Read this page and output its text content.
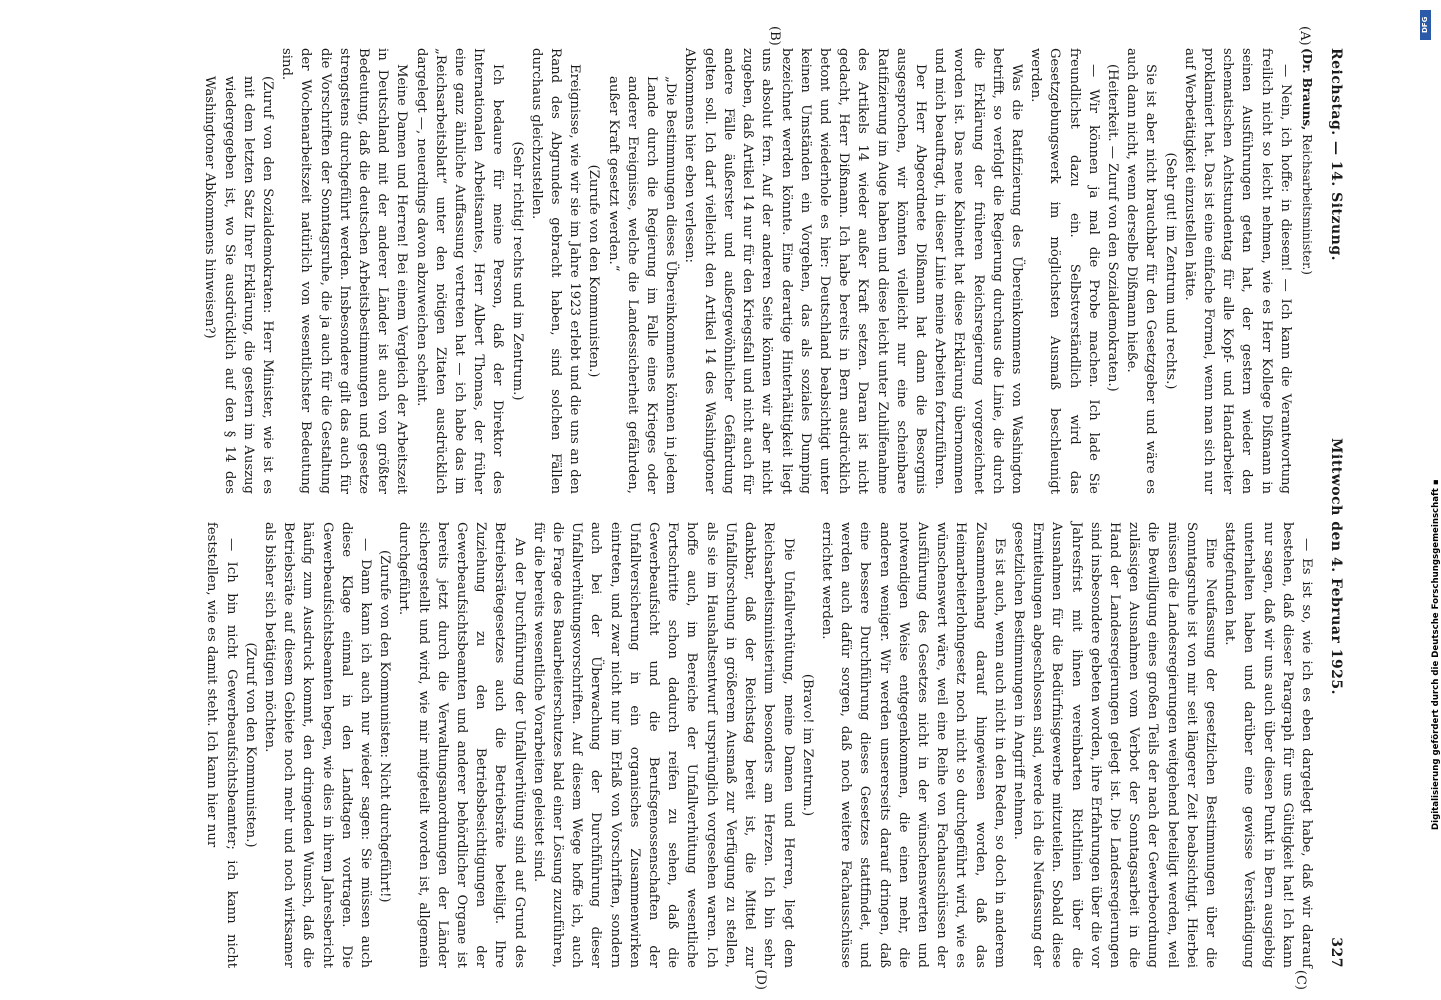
Reichstag. — 14. Sitzung.
Mittwoch den 4. Februar 1925.
327
(Dr. Brauns, Reichsarbeitsminister.)

— Nein, ich hoffe: in diesem! — Ich kann die Verantwortung freilich nicht so leicht nehmen, wie es Herr Kollege Dißmann in seinen Ausführungen getan hat, der gestern wieder den schematischen Achtstundentag für alle Kopf- und Handarbeiter proklamiert hat. Das ist eine einfache Formel, wenn man sich nur auf Werbetätigkeit einzustellen hätte.

(Sehr gut! im Zentrum und rechts.)

Sie ist aber nicht brauchbar für den Gesetzgeber und wäre es auch dann nicht, wenn derselbe Dißmann hieße.

(Heiterkeit. — Zuruf von den Sozialdemokraten.)

— Wir können ja mal die Probe machen. Ich lade Sie freundlichst dazu ein. Selbstverständlich wird das Gesetzgebungswerk im möglichsten Ausmaß beschleunigt werden.

Was die Ratifizierung des Übereinkommens von Washington betrifft, so verfolgt die Regierung durchaus die Linie, die durch die Erklärung der früheren Reichsregierung vorgezeichnet worden ist. Das neue Kabinett hat diese Erklärung übernommen und mich beauftragt, in dieser Linie meine Arbeiten fortzuführen.

Der Herr Abgeordnete Dißmann hat dann die Besorgnis ausgesprochen, wir könnten vielleicht nur eine scheinbare Ratifizierung im Auge haben und diese leicht unter Zuhilfenahme des Artikels 14 wieder außer Kraft setzen. Daran ist nicht gedacht, Herr Dißmann. Ich habe bereits in Bern ausdrücklich betont und wiederhole es hier: Deutschland beabsichtigt unter keinen Umständen ein Vorgehen, das als soziales Dumping bezeichnet werden könnte. Eine derartige Hinterhältigkeit liegt uns absolut fern. Auf der anderen Seite können wir aber nicht zugeben, daß Artikel 14 nur für den Kriegsfall und nicht auch für andere Fälle äußerster und außergewöhnlicher Gefährdung gelten soll. Ich darf vielleicht den Artikel 14 des Washingtoner Abkommens hier eben verlesen:

„Die Bestimmungen dieses Übereinkommens können in jedem Lande durch die Regierung im Falle eines Krieges oder anderer Ereignisse, welche die Landessicherheit gefährden, außer Kraft gesetzt werden.“

(Zurufe von den Kommunisten.)

Ereignisse, wie wir sie im Jahre 1923 erlebt und die uns an den Rand des Abgrundes gebracht haben, sind solchen Fällen durchaus gleichzustellen.

(Sehr richtig! rechts und im Zentrum.)

Ich bedaure für meine Person, daß der Direktor des Internationalen Arbeitsamtes, Herr Albert Thomas, der früher eine ganz ähnliche Auffassung vertreten hat — ich habe das im „Reichsarbeitsblatt“ unter den nötigen Zitaten ausdrücklich dargelegt —, neuerdings davon abzuweichen scheint.

Meine Damen und Herren! Bei einem Vergleich der Arbeitszeit in Deutschland mit der anderer Länder ist auch von größter Bedeutung, daß die deutschen Arbeitsbestimmungen und gesetze strengstens durchgeführt werden. Insbesondere gilt das auch für die Vorschriften der Sonntagsruhe, die ja auch für die Gestaltung der Wochenarbeitszeit natürlich von wesentlichster Bedeutung sind.

(Zuruf von den Sozialdemokraten: Herr Minister, wie ist es mit dem letzten Satz Ihrer Erklärung, die gestern im Auszug wiedergegeben ist, wo Sie ausdrücklich auf den § 14 des Washingtoner Abkommens hinweisen?)

— Es ist so, wie ich es eben dargelegt habe, daß wir darauf bestehen, daß dieser Paragraph für uns Gültigkeit hat! Ich kann nur sagen, daß wir uns auch über diesen Punkt in Bern ausgiebig unterhalten haben und darüber eine gewisse Verständigung stattgefunden hat.

Eine Neufassung der gesetzlichen Bestimmungen über die Sonntagsruhe ist von mir seit längerer Zeit beabsichtigt. Hierbei müssen die Landesregierungen weitgehend beteiligt werden, weil die Bewilligung eines großen Teils der nach der Gewerbeordnung zulässigen Ausnahmen vom Verbot der Sonntagsarbeit in die Hand der Landesregierungen gelegt ist. Die Landesregierungen sind insbesondere gebeten worden, ihre Erfahrungen über die vor Jahresfrist mit ihnen vereinbarten Richtlinien über die Ausnahmen für die Bedürfnisgewerbe mitzuteilen. Sobald diese Ermittelungen abgeschlossen sind, werde ich die Neufassung der gesetzlichen Bestimmungen in Angriff nehmen.

Es ist auch, wenn auch nicht in den Reden, so doch in anderem Zusammenhang darauf hingewiesen worden, daß das Heimarbeiterlohngesetz noch nicht so durchgeführt wird, wie es wünschenswert wäre, weil eine Reihe von Fachausschüssen der Ausführung des Gesetzes nicht in der wünschenswerten und notwendigen Weise entgegenkommen, die einen mehr, die anderen weniger. Wir werden unsererseits darauf dringen, daß eine bessere Durchführung dieses Gesetzes stattfindet, und werden auch dafür sorgen, daß noch weitere Fachausschüsse errichtet werden.

(Bravo! im Zentrum.)

Die Unfallverhütung, meine Damen und Herren, liegt dem Reichsarbeitsministerium besonders am Herzen. Ich bin sehr dankbar, daß der Reichstag bereit ist, die Mittel zur Unfallforschung in größerem Ausmaß zur Verfügung zu stellen, als sie im Haushaltsentwurf ursprünglich vorgesehen waren. Ich hoffe auch, im Bereiche der Unfallverhütung wesentliche Fortschritte schon dadurch reifen zu sehen, daß die Gewerbeaufsicht und die Berufsgenossenschaften der Unfallversicherung in ein organisches Zusammenwirken eintreten, und zwar nicht nur im Erlaß von Vorschriften, sondern auch bei der Überwachung der Durchführung dieser Unfallverhütungsvorschriften. Auf diesem Wege hoffe ich, auch die Frage des Bauarbeiterschutzes bald einer Lösung zuzuführen, für die bereits wesentliche Vorarbeiten geleistet sind.

An der Durchführung der Unfallverhütung sind auf Grund des Betriebsrätegesetzes auch die Betriebsräte beteiligt. Ihre Zuziehung zu den Betriebsbesichtigungen der Gewerbeaufsichtsbeamten und anderer behördlicher Organe ist bereits jetzt durch die Verwaltungsanordnungen der Länder sichergestellt und wird, wie mir mitgeteilt worden ist, allgemein durchgeführt.

(Zurufe von den Kommunisten: Nicht durchgeführt!)

— Dann kann ich auch nur wieder sagen: Sie müssen auch diese Klage einmal in den Landtagen vortragen. Die Gewerbeaufsichtsbeamten hegen, wie dies in ihrem Jahresbericht häufig zum Ausdruck kommt, den dringenden Wunsch, daß die Betriebsräte auf diesem Gebiete noch mehr und noch wirksamer als bisher sich betätigen möchten.

(Zuruf von den Kommunisten.)

— Ich bin nicht Gewerbeaufsichtsbeamter; ich kann nicht feststellen, wie es damit steht. Ich kann hier nur

(A)
(B)
(C)
(D)
Digitalisierung gefördert durch die Deutsche Forschungsgemeinschaft ▪
DFG
